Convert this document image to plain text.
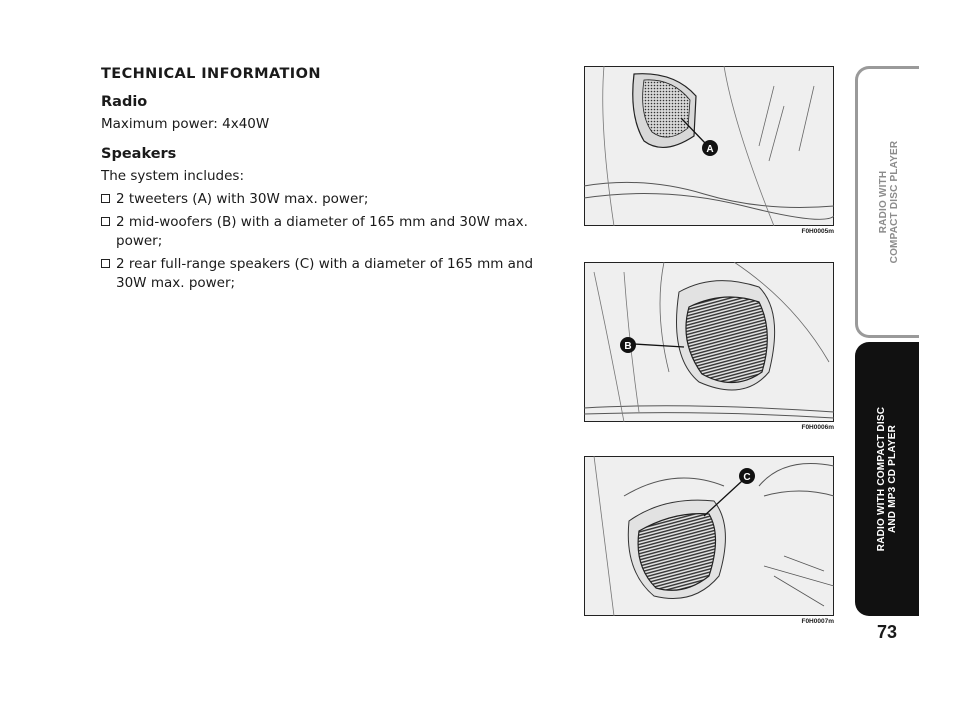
TECHNICAL INFORMATION
Radio
Maximum power: 4x40W
Speakers
The system includes:
2 tweeters (A) with 30W max. power;
2 mid-woofers (B) with a diameter of 165 mm and 30W max. power;
2 rear full-range speakers (C) with a diameter of 165 mm and 30W max. power;
A
F0H0005m
B
F0H0006m
C
F0H0007m
RADIO WITH
COMPACT DISC PLAYER
RADIO WITH COMPACT DISC
AND MP3 CD PLAYER
73
